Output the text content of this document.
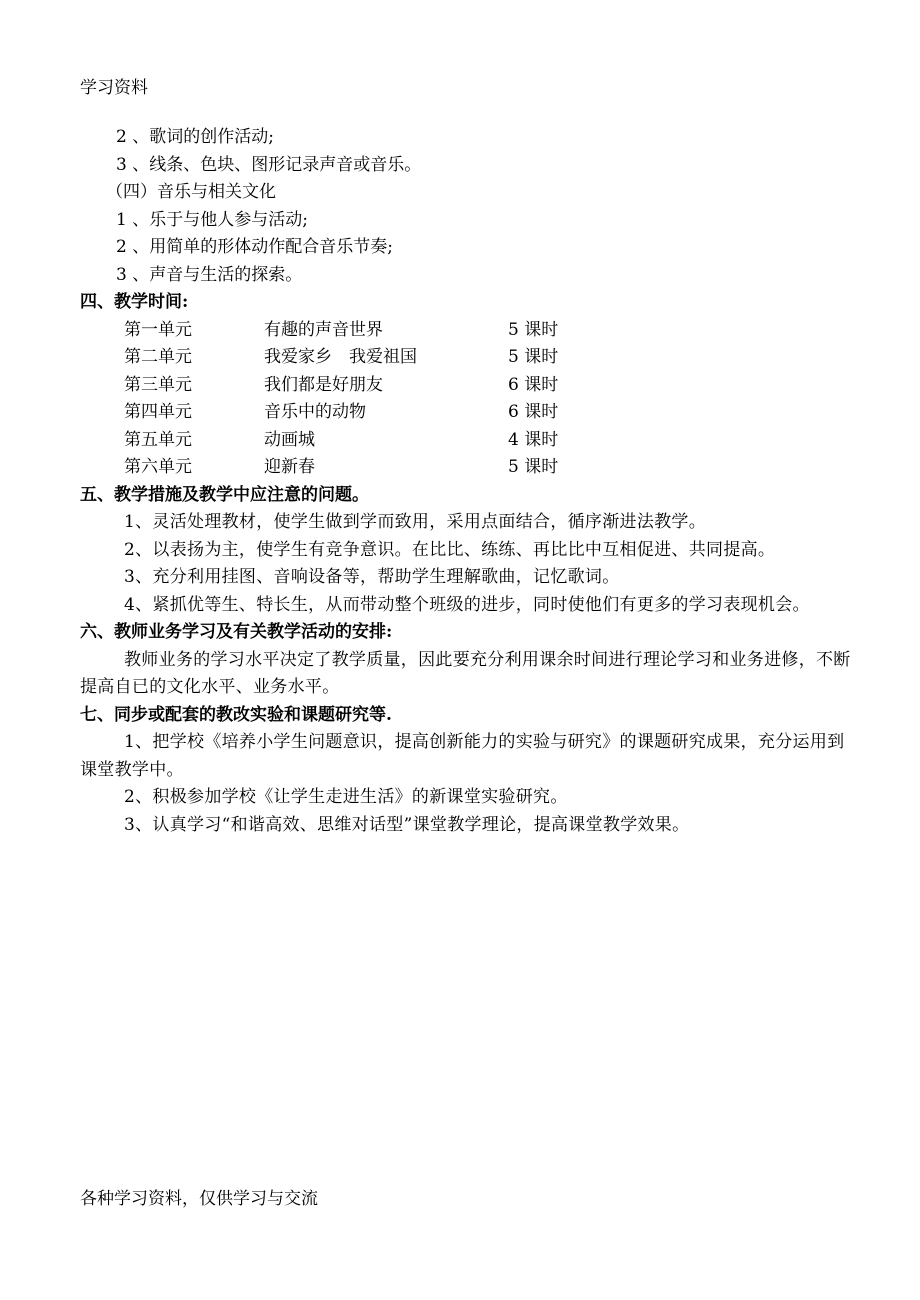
学习资料
2 、歌词的创作活动;
3 、线条、色块、图形记录声音或音乐。
（四）音乐与相关文化
1 、乐于与他人参与活动;
2 、用简单的形体动作配合音乐节奏;
3 、声音与生活的探索。
四、教学时间:
第一单元	有趣的声音世界	5 课时
第二单元	我爱家乡　我爱祖国	5 课时
第三单元	我们都是好朋友	6 课时
第四单元	音乐中的动物	6 课时
第五单元	动画城	4 课时
第六单元	迎新春	5 课时
五、教学措施及教学中应注意的问题。
1、灵活处理教材，使学生做到学而致用，采用点面结合，循序渐进法教学。
2、以表扬为主，使学生有竞争意识。在比比、练练、再比比中互相促进、共同提高。
3、充分利用挂图、音响设备等，帮助学生理解歌曲，记忆歌词。
4、紧抓优等生、特长生，从而带动整个班级的进步，同时使他们有更多的学习表现机会。
六、教师业务学习及有关教学活动的安排:
教师业务的学习水平决定了教学质量，因此要充分利用课余时间进行理论学习和业务进修，不断提高自已的文化水平、业务水平。
七、同步或配套的教改实验和课题研究等.
1、把学校《培养小学生问题意识，提高创新能力的实验与研究》的课题研究成果，充分运用到课堂教学中。
2、积极参加学校《让学生走进生活》的新课堂实验研究。
3、认真学习“和谐高效、思维对话型”课堂教学理论，提高课堂教学效果。
各种学习资料，仅供学习与交流
